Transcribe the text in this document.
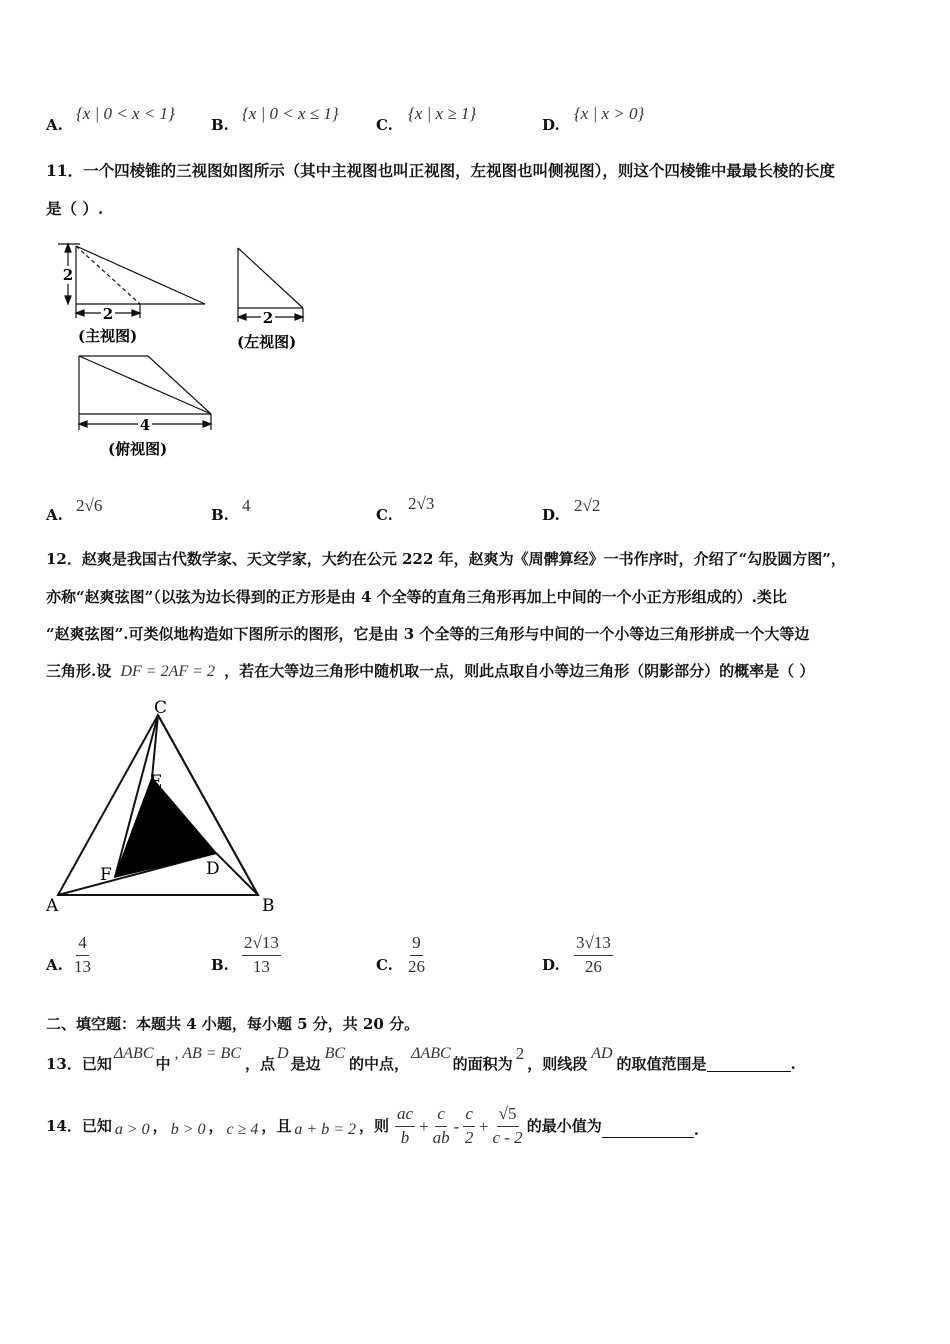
A.
{x | 0 < x < 1}
B.
{x | 0 < x ≤ 1}
C.
{x | x ≥ 1}
D.
{x | x > 0}
11．一个四棱锥的三视图如图所示（其中主视图也叫正视图，左视图也叫侧视图），则这个四棱锥中最最长棱的长度
是（ ）.
2
2
(主视图)
2
(左视图)
4
(俯视图)
A. 2√6	B. 4	C.
2√3
D. 2√2
12．赵爽是我国古代数学家、天文学家，大约在公元 222 年，赵爽为《周髀算经》一书作序时，介绍了“勾股圆方图”，
亦称“赵爽弦图”（以弦为边长得到的正方形是由 4 个全等的直角三角形再加上中间的一个小正方形组成的）.类比
“赵爽弦图”.可类似地构造如下图所示的图形，它是由 3 个全等的三角形与中间的一个小等边三角形拼成一个大等边
三角形.设 DF = 2AF = 2 ，若在大等边三角形中随机取一点，则此点取自小等边三角形（阴影部分）的概率是（ ）
C
E
D
F
A	B
A. $\frac{4}{13}$	B. $\frac{2√13}{13}$	C. $\frac{9}{26}$	D. $\frac{3√13}{26}$
二、填空题：本题共 4 小题，每小题 5 分，共 20 分。
13．已知
ΔABC
中
, AB = BC
，点
D
是边
BC
的中点，
ΔABC
的面积为
2
，则线段
AD
的取值范围是	.
14．已知 a > 0 ， b > 0 ， c ≥ 4 ，且 a + b = 2 ，则 $\frac{ac}{b} + \frac{c}{ab} - \frac{c}{2} + \frac{√5}{c - 2}$ 的最小值为	.
